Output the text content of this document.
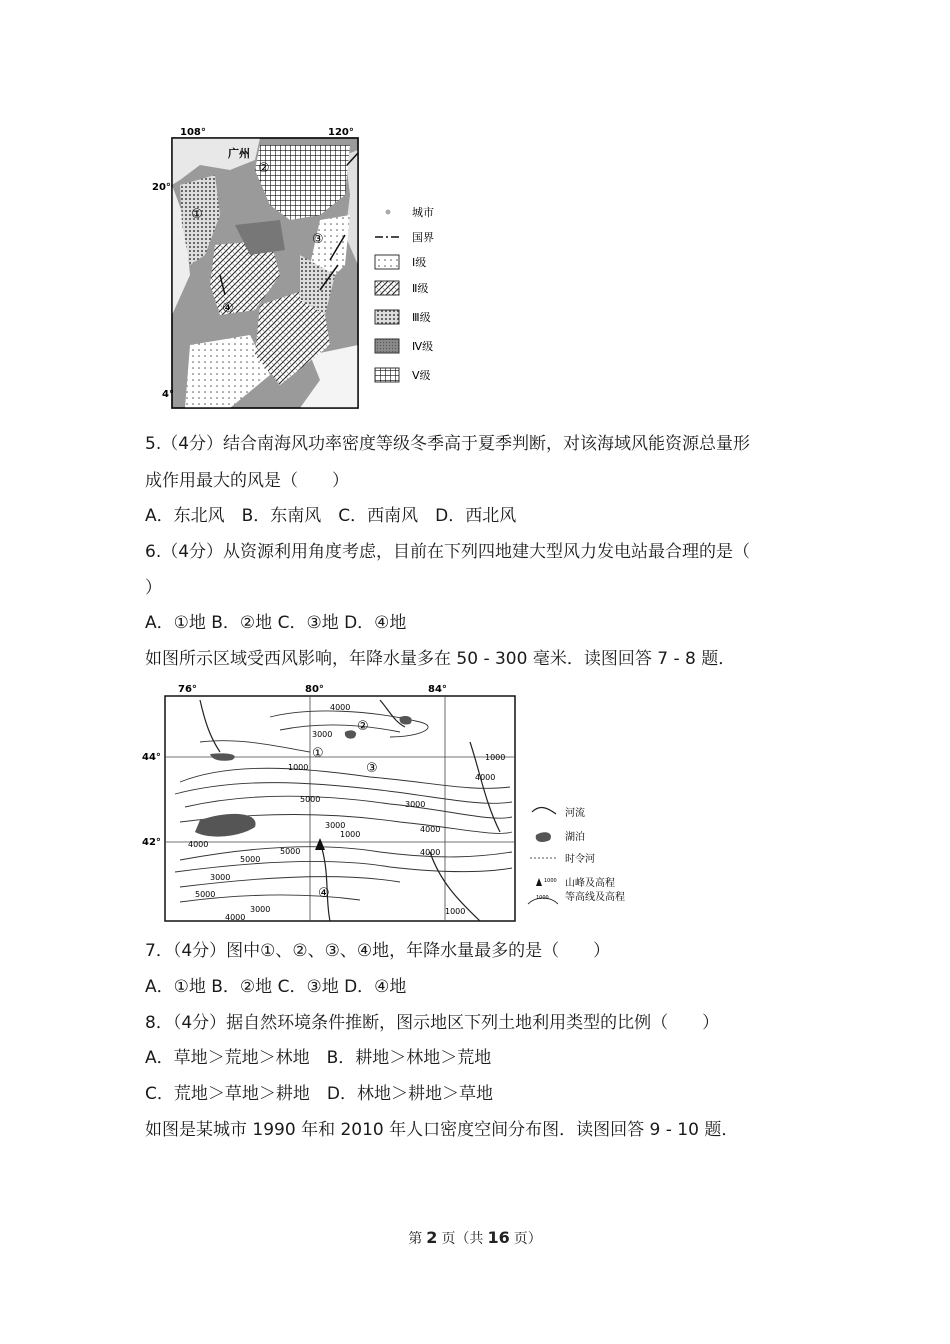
108°	120°
20°
4°
广州
①
②
③
④
城市
国界
Ⅰ级
Ⅱ级
Ⅲ级
Ⅳ级
Ⅴ级
5.（4分）结合南海风功率密度等级冬季高于夏季判断，对该海域风能资源总量形
成作用最大的风是（　　）
A．东北风　B．东南风　C．西南风　D．西北风
6.（4分）从资源利用角度考虑，目前在下列四地建大型风力发电站最合理的是（
）
A．①地 B．②地 C．③地 D．④地
如图所示区域受西风影响，年降水量多在 50 - 300 毫米．读图回答 7 - 8 题．
5000
4000
3000
1000
3000
5000
4000
1000
4000
1000
3000
5000
4000
3000
4000
3000	1000
5000
4000
①
②
③
④
76°	80°	84°
44°
42°
河流
湖泊
时令河
1000 山峰及高程
1000 等高线及高程
7．（4分）图中①、②、③、④地，年降水量最多的是（　　）
A．①地 B．②地 C．③地 D．④地
8．（4分）据自然环境条件推断，图示地区下列土地利用类型的比例（　　）
A．草地＞荒地＞林地　B．耕地＞林地＞荒地
C．荒地＞草地＞耕地　D．林地＞耕地＞草地
如图是某城市 1990 年和 2010 年人口密度空间分布图．读图回答 9 - 10 题．
第 2 页（共 16 页）
